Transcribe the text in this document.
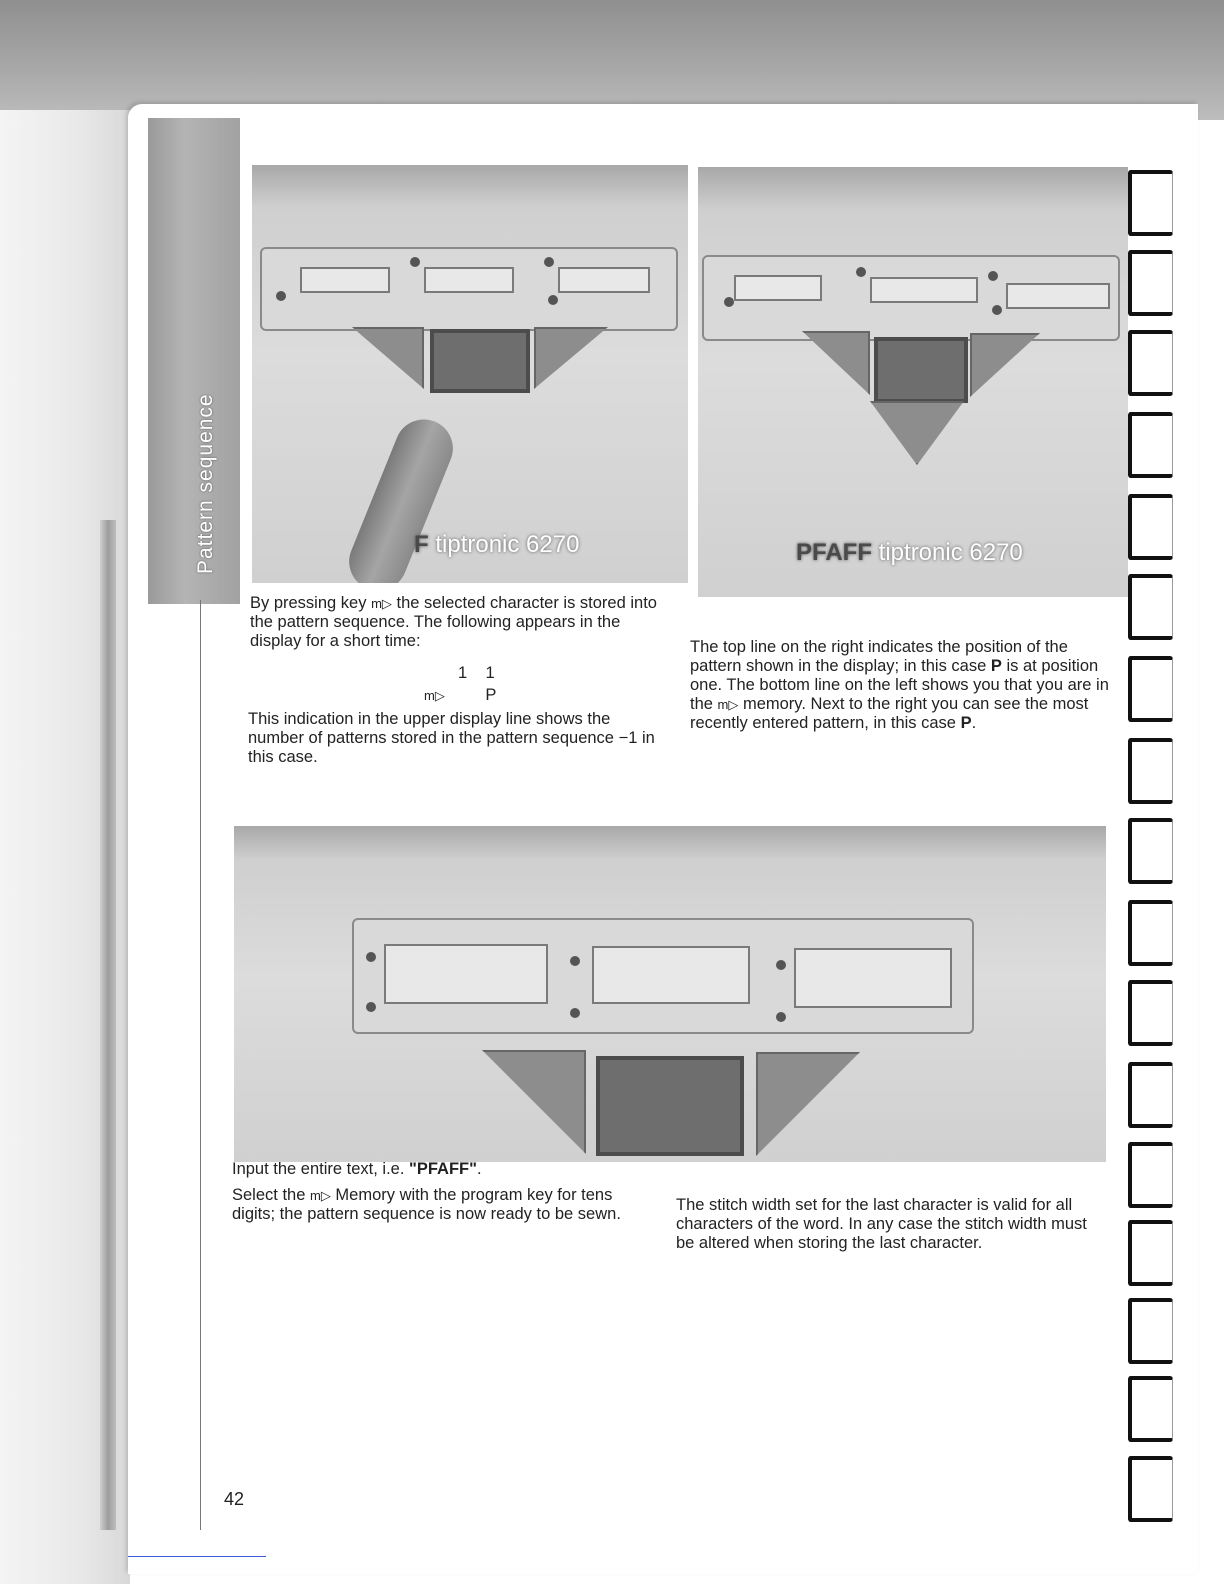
Pattern sequence	F tiptronic 6270	PFAFF tiptronic 6270
By pressing key m▷ the selected character is stored into the pattern sequence. The following appears in the display for a short time:
1    1
m▷ P
This indication in the upper display line shows the number of patterns stored in the pattern sequence −1 in this case.
The top line on the right indicates the position of the pattern shown in the display; in this case P is at position one. The bottom line on the left shows you that you are in the m▷ memory. Next to the right you can see the most recently entered pattern, in this case P.
Input the entire text, i.e. "PFAFF".
Select the m▷ Memory with the program key for tens digits; the pattern sequence is now ready to be sewn.	The stitch width set for the last character is valid for all characters of the word. In any case the stitch width must be altered when storing the last character.
42
